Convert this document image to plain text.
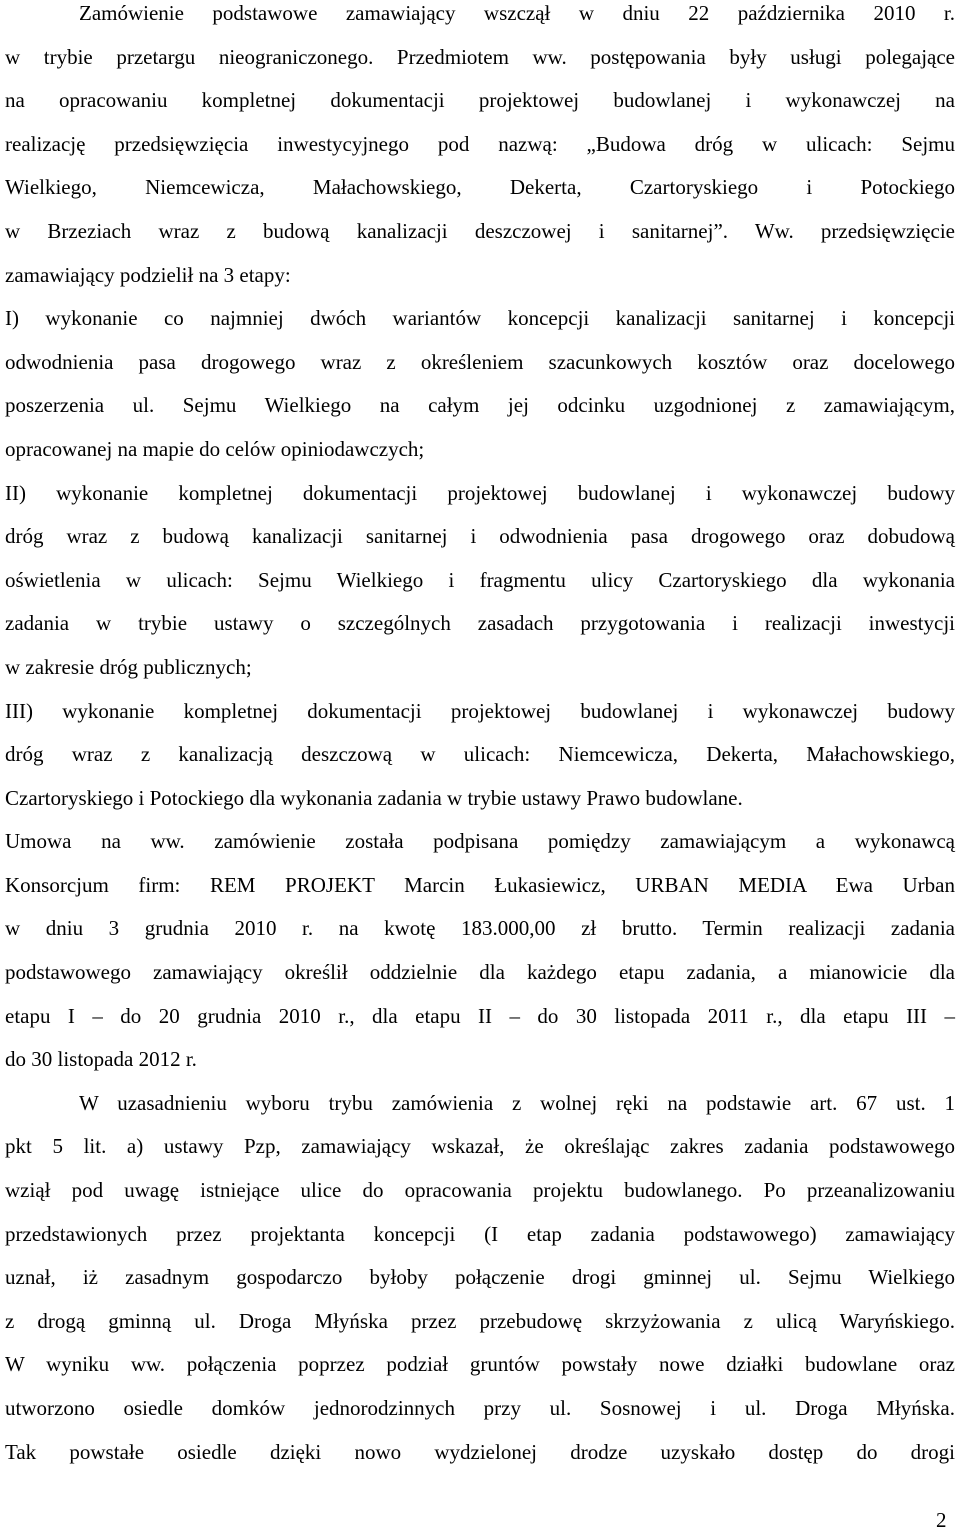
Zamówienie podstawowe zamawiający wszczął w dniu 22 października 2010 r.
w trybie przetargu nieograniczonego. Przedmiotem ww. postępowania były usługi polegające
na opracowaniu kompletnej dokumentacji projektowej budowlanej i wykonawczej na
realizację przedsięwzięcia inwestycyjnego pod nazwą: „Budowa dróg w ulicach: Sejmu
Wielkiego, Niemcewicza, Małachowskiego, Dekerta, Czartoryskiego i Potockiego
w Brzeziach wraz z budową kanalizacji deszczowej i sanitarnej”. Ww. przedsięwzięcie
zamawiający podzielił na 3 etapy:

I) wykonanie co najmniej dwóch wariantów koncepcji kanalizacji sanitarnej i koncepcji
odwodnienia pasa drogowego wraz z określeniem szacunkowych kosztów oraz docelowego
poszerzenia ul. Sejmu Wielkiego na całym jej odcinku uzgodnionej z zamawiającym,
opracowanej na mapie do celów opiniodawczych;

II) wykonanie kompletnej dokumentacji projektowej budowlanej i wykonawczej budowy
dróg wraz z budową kanalizacji sanitarnej i odwodnienia pasa drogowego oraz dobudową
oświetlenia w ulicach: Sejmu Wielkiego i fragmentu ulicy Czartoryskiego dla wykonania
zadania w trybie ustawy o szczególnych zasadach przygotowania i realizacji inwestycji
w zakresie dróg publicznych;

III) wykonanie kompletnej dokumentacji projektowej budowlanej i wykonawczej budowy
dróg wraz z kanalizacją deszczową w ulicach: Niemcewicza, Dekerta, Małachowskiego,
Czartoryskiego i Potockiego dla wykonania zadania w trybie ustawy Prawo budowlane.

Umowa na ww. zamówienie została podpisana pomiędzy zamawiającym a wykonawcą
Konsorcjum firm: REM PROJEKT Marcin Łukasiewicz, URBAN MEDIA Ewa Urban
w dniu 3 grudnia 2010 r. na kwotę 183.000,00 zł brutto. Termin realizacji zadania
podstawowego zamawiający określił oddzielnie dla każdego etapu zadania, a mianowicie dla
etapu I – do 20 grudnia 2010 r., dla etapu II – do 30 listopada 2011 r., dla etapu III –
do 30 listopada 2012 r.

W uzasadnieniu wyboru trybu zamówienia z wolnej ręki na podstawie art. 67 ust. 1
pkt 5 lit. a) ustawy Pzp, zamawiający wskazał, że określając zakres zadania podstawowego
wziął pod uwagę istniejące ulice do opracowania projektu budowlanego. Po przeanalizowaniu
przedstawionych przez projektanta koncepcji (I etap zadania podstawowego) zamawiający
uznał, iż zasadnym gospodarczo byłoby połączenie drogi gminnej ul. Sejmu Wielkiego
z drogą gminną ul. Droga Młyńska przez przebudowę skrzyżowania z ulicą Waryńskiego.
W wyniku ww. połączenia poprzez podział gruntów powstały nowe działki budowlane oraz
utworzono osiedle domków jednorodzinnych przy ul. Sosnowej i ul. Droga Młyńska.
Tak powstałe osiedle dzięki nowo wydzielonej drodze uzyskało dostęp do drogi

2
